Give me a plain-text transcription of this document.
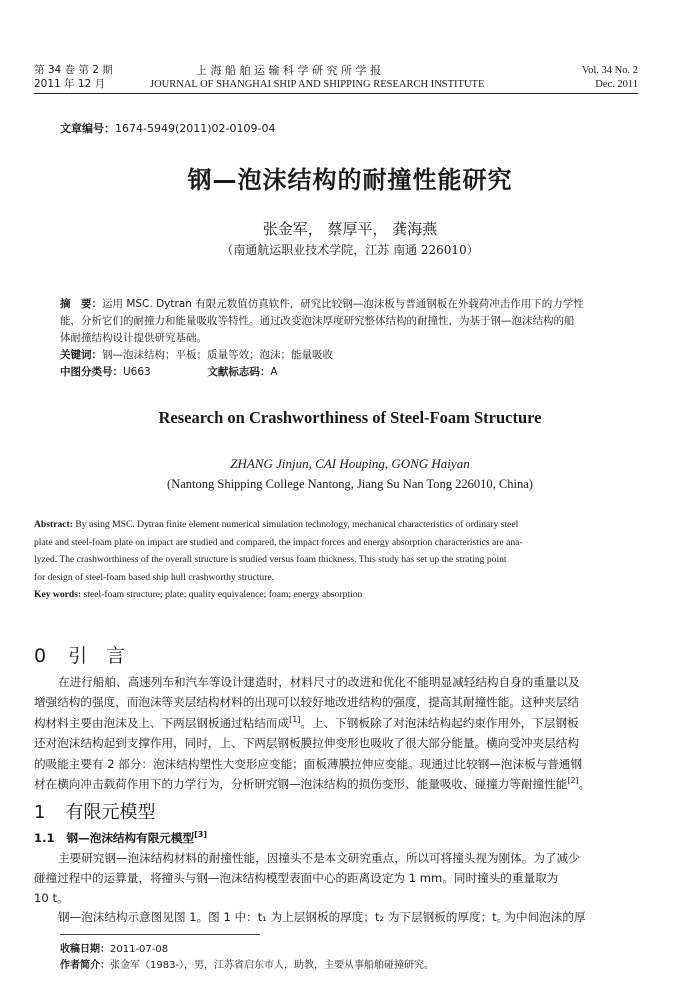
第 34 卷 第 2 期
2011 年 12 月
上 海 船 舶 运 输 科 学 研 究 所 学 报
JOURNAL OF SHANGHAI SHIP AND SHIPPING RESEARCH INSTITUTE
Vol. 34 No. 2
Dec. 2011
文章编号：1674-5949(2011)02-0109-04
钢—泡沫结构的耐撞性能研究
张金军， 蔡厚平， 龚海燕
（南通航运职业技术学院，江苏 南通 226010）
摘　要：运用 MSC. Dytran 有限元数值仿真软件，研究比较钢—泡沫板与普通钢板在外载荷冲击作用下的力学性
能，分析它们的耐撞力和能量吸收等特性。通过改变泡沫厚度研究整体结构的耐撞性，为基于钢—泡沫结构的船
体耐撞结构设计提供研究基础。
关键词：钢—泡沫结构；平板；质量等效；泡沫；能量吸收
中图分类号：U663	文献标志码：A
Research on Crashworthiness of Steel-Foam Structure
ZHANG Jinjun, CAI Houping, GONG Haiyan
(Nantong Shipping College Nantong, Jiang Su Nan Tong 226010, China)
Abstract: By using MSC. Dytran finite element numerical simulation technology, mechanical characteristics of ordinary steel
plate and steel-foam plate on impact are studied and compared, the impact forces and energy absorption characteristics are ana-
lyzed. The crashworthiness of the overall structure is studied versus foam thickness. This study has set up the strating point
for design of steel-foam based ship hull crashworthy structure.
Key words: steel-foam structure; plate; quality equivalence; foam; energy absorption
0 引　言
在进行船舶、高速列车和汽车等设计建造时，材料尺寸的改进和优化不能明显减轻结构自身的重量以及
增强结构的强度，而泡沫等夹层结构材料的出现可以较好地改进结构的强度，提高其耐撞性能。这种夹层结
构材料主要由泡沫及上、下两层钢板通过粘结而成[1]。上、下钢板除了对泡沫结构起约束作用外，下层钢板
还对泡沫结构起到支撑作用，同时，上、下两层钢板膜拉伸变形也吸收了很大部分能量。横向受冲夹层结构
的吸能主要有 2 部分：泡沫结构塑性大变形应变能；面板薄膜拉伸应变能。现通过比较钢—泡沫板与普通钢
材在横向冲击载荷作用下的力学行为，分析研究钢—泡沫结构的损伤变形、能量吸收、碰撞力等耐撞性能[2]。
1 有限元模型
1.1 钢—泡沫结构有限元模型[3]
主要研究钢—泡沫结构材料的耐撞性能，因撞头不是本文研究重点，所以可将撞头视为刚体。为了减少
碰撞过程中的运算量，将撞头与钢—泡沫结构模型表面中心的距离设定为 1 mm。同时撞头的重量取为
10 t。
钢—泡沫结构示意图见图 1。图 1 中：t₁ 为上层钢板的厚度；t₂ 为下层钢板的厚度；t꜀ 为中间泡沫的厚
收稿日期：2011-07-08
作者简介：张金军（1983-），男，江苏省启东市人，助教，主要从事船舶碰撞研究。
